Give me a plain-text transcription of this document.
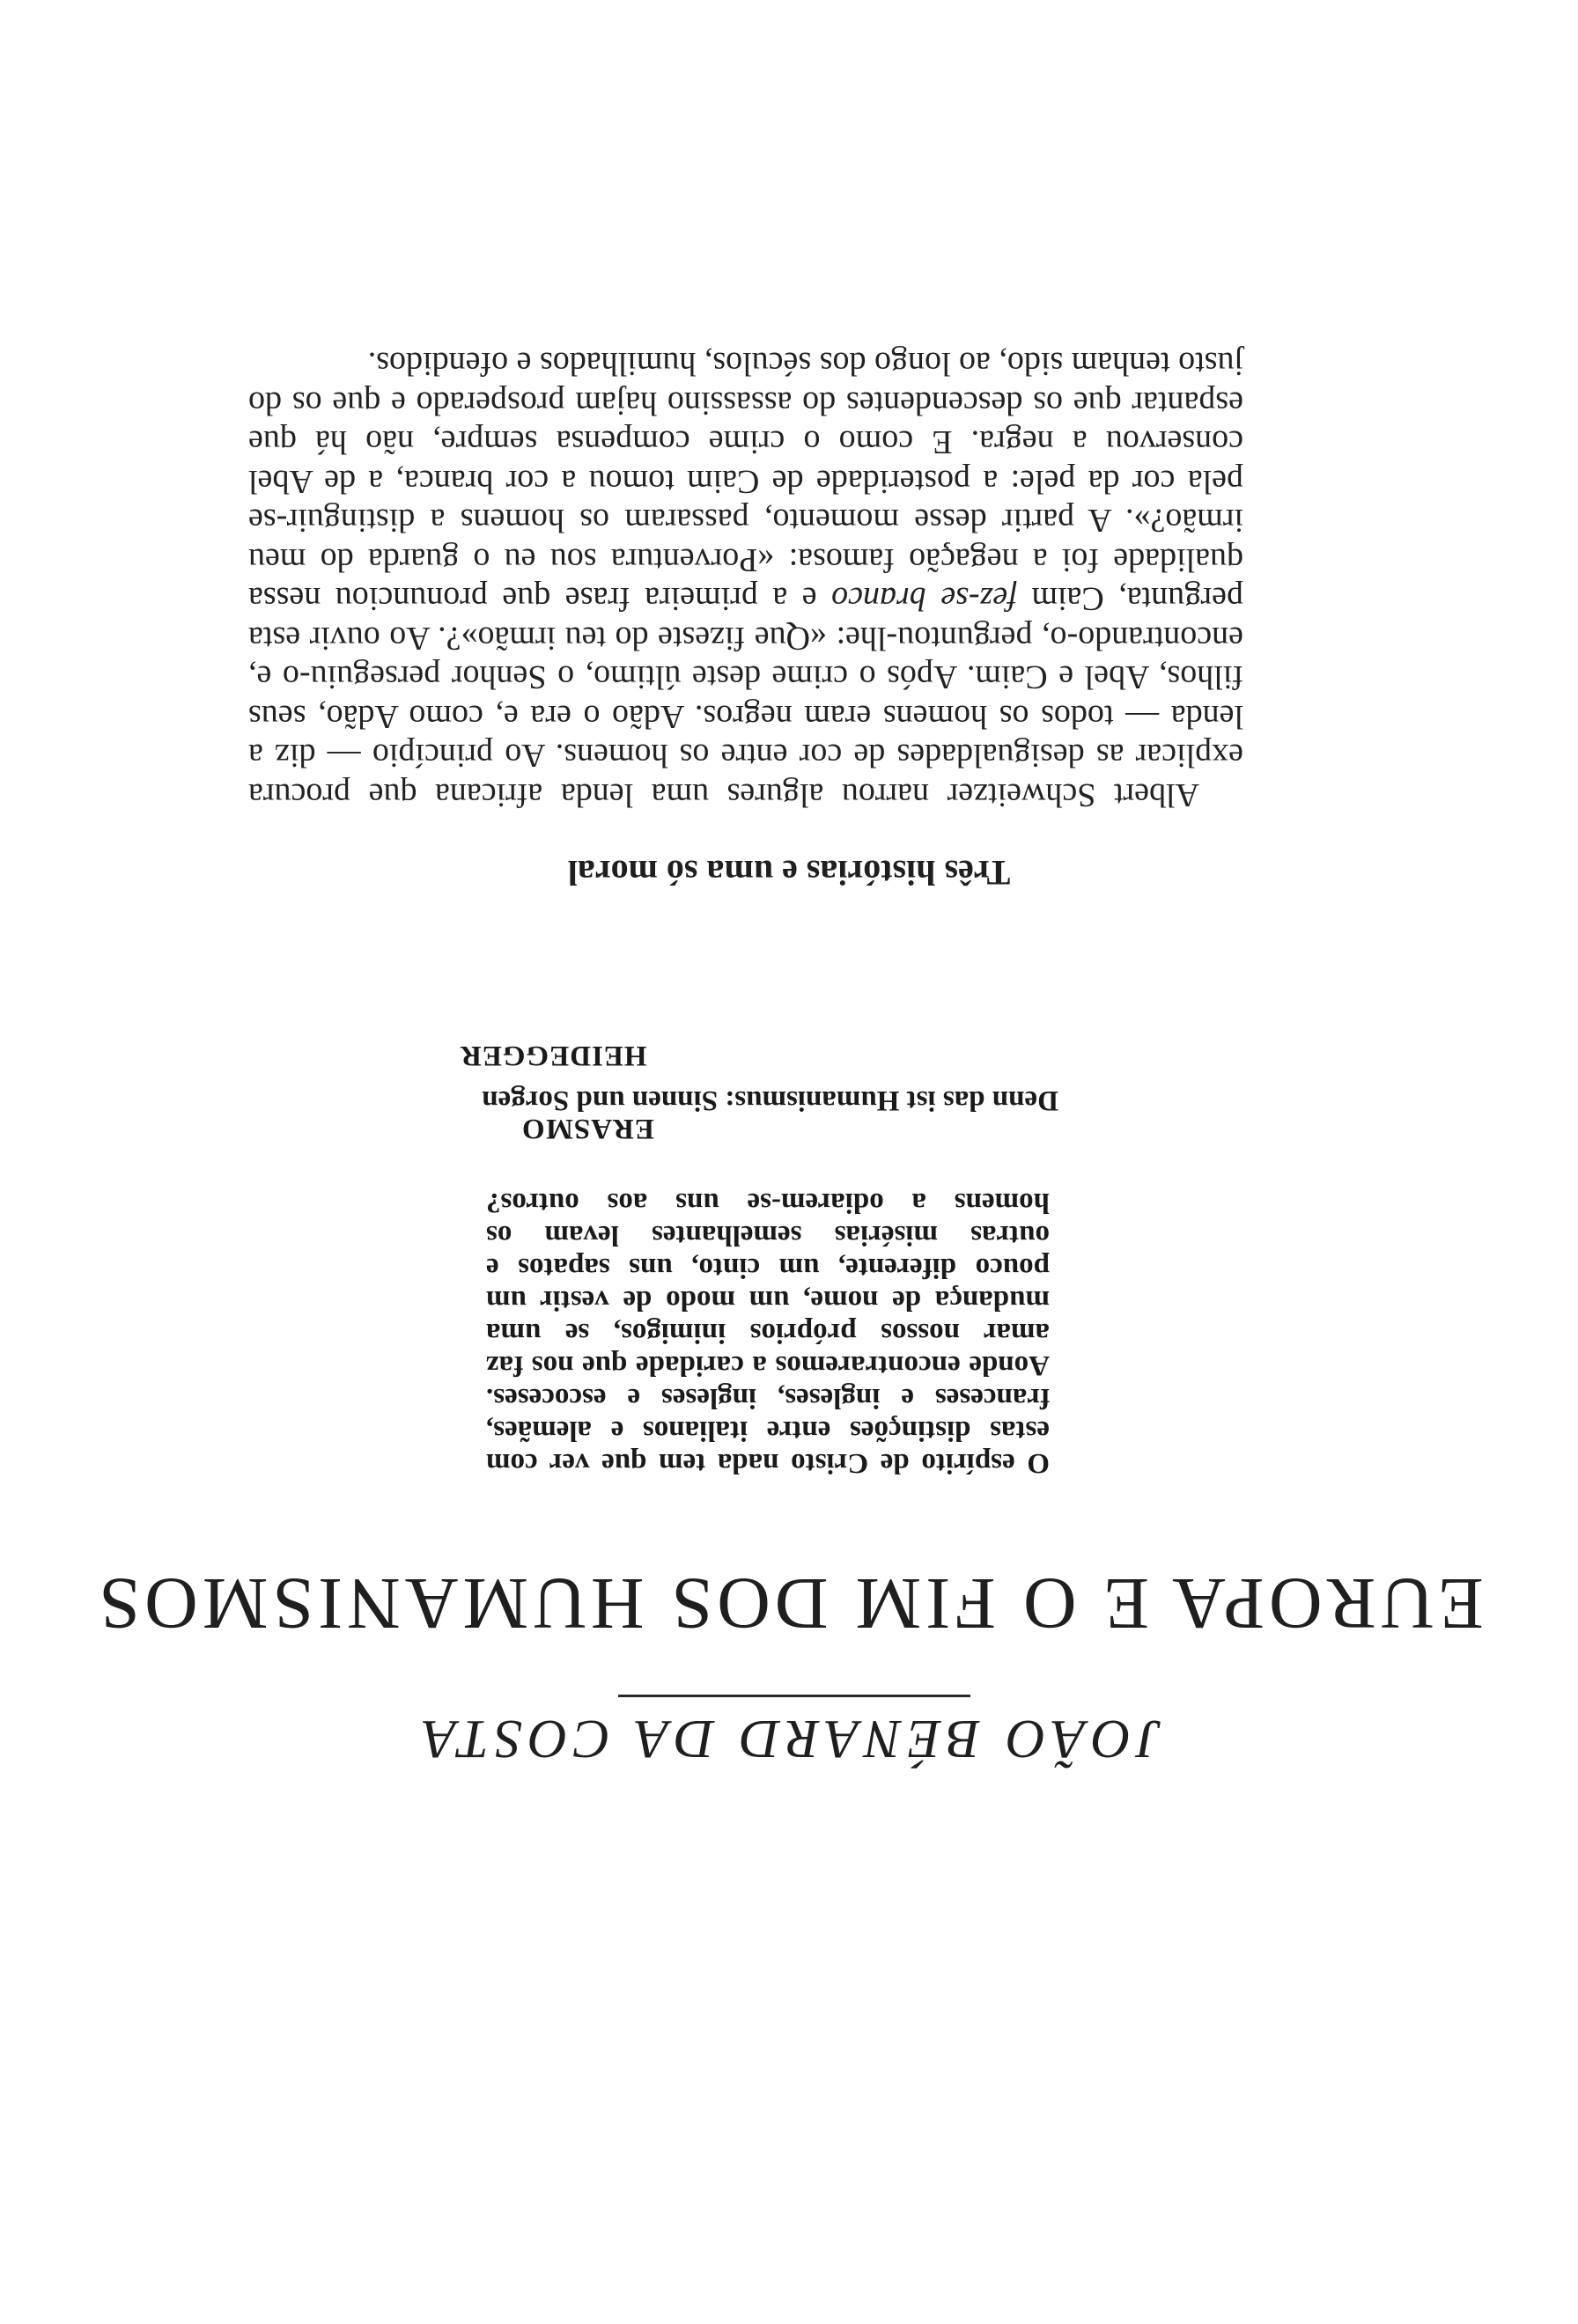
JOÃO BÉNARD DA COSTA
EUROPA E O FIM DOS HUMANISMOS
O espírito de Cristo nada tem que ver com estas distinções entre italianos e alemães, franceses e ingleses, ingleses e escoceses. Aonde encontraremos a caridade que nos faz amar nossos próprios inimigos, se uma mudança de nome, um modo de vestir um pouco diferente, um cinto, uns sapatos e outras misérias semelhantes levam os homens a odiarem-se uns aos outros?
ERASMO
Denn das ist Humanismus: Sinnen und Sorgen
HEIDEGGER
Três histórias e uma só moral

Albert Schweitzer narrou algures uma lenda africana que procura explicar as desigualdades de cor entre os homens. Ao princípio — diz a lenda — todos os homens eram negros. Adão o era e, como Adão, seus filhos, Abel e Caim. Após o crime deste último, o Senhor perseguiu-o e, encontrando-o, perguntou-lhe: «Que fizeste do teu irmão»?. Ao ouvir esta pergunta, Caim fez-se branco e a primeira frase que pronunciou nessa qualidade foi a negação famosa: «Porventura sou eu o guarda do meu irmão?». A partir desse momento, passaram os homens a distinguir-se pela cor da pele: a posteridade de Caim tomou a cor branca, a de Abel conservou a negra. E como o crime compensa sempre, não há que espantar que os descendentes do assassino hajam prosperado e que os do justo tenham sido, ao longo dos séculos, humilhados e ofendidos.
